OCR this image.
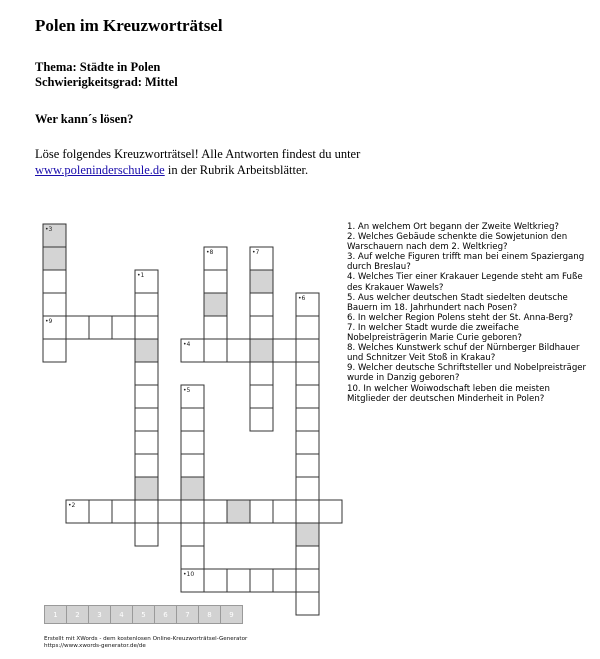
Polen im Kreuzworträtsel
Thema: Städte in Polen
Schwierigkeitsgrad: Mittel
Wer kann´s lösen?
Löse folgendes Kreuzworträtsel! Alle Antworten findest du unter
www.poleninderschule.de in der Rubrik Arbeitsblätter.
•3
•8	•7
•1
•6
•9
•4
•5
•2
•10

1. An welchem Ort begann der Zweite Weltkrieg?

2. Welches Gebäude schenkte die Sowjetunion den Warschauern nach dem 2. Weltkrieg?

3. Auf welche Figuren trifft man bei einem Spaziergang durch Breslau?

4. Welches Tier einer Krakauer Legende steht am Fuße des Krakauer Wawels?

5. Aus welcher deutschen Stadt siedelten deutsche Bauern im 18. Jahrhundert nach Posen?

6. In welcher Region Polens steht der St. Anna-Berg?

7. In welcher Stadt wurde die zweifache Nobelpreisträgerin Marie Curie geboren?

8. Welches Kunstwerk schuf der Nürnberger Bildhauer und Schnitzer Veit Stoß in Krakau?

9. Welcher deutsche Schriftsteller und Nobelpreisträger wurde in Danzig geboren?

10. In welcher Woiwodschaft leben die meisten Mitglieder der deutschen Minderheit in Polen?

1	2	3	4	5	6	7	8	9
Erstellt mit XWords - dem kostenlosen Online-Kreuzworträtsel-Generator
https://www.xwords-generator.de/de
